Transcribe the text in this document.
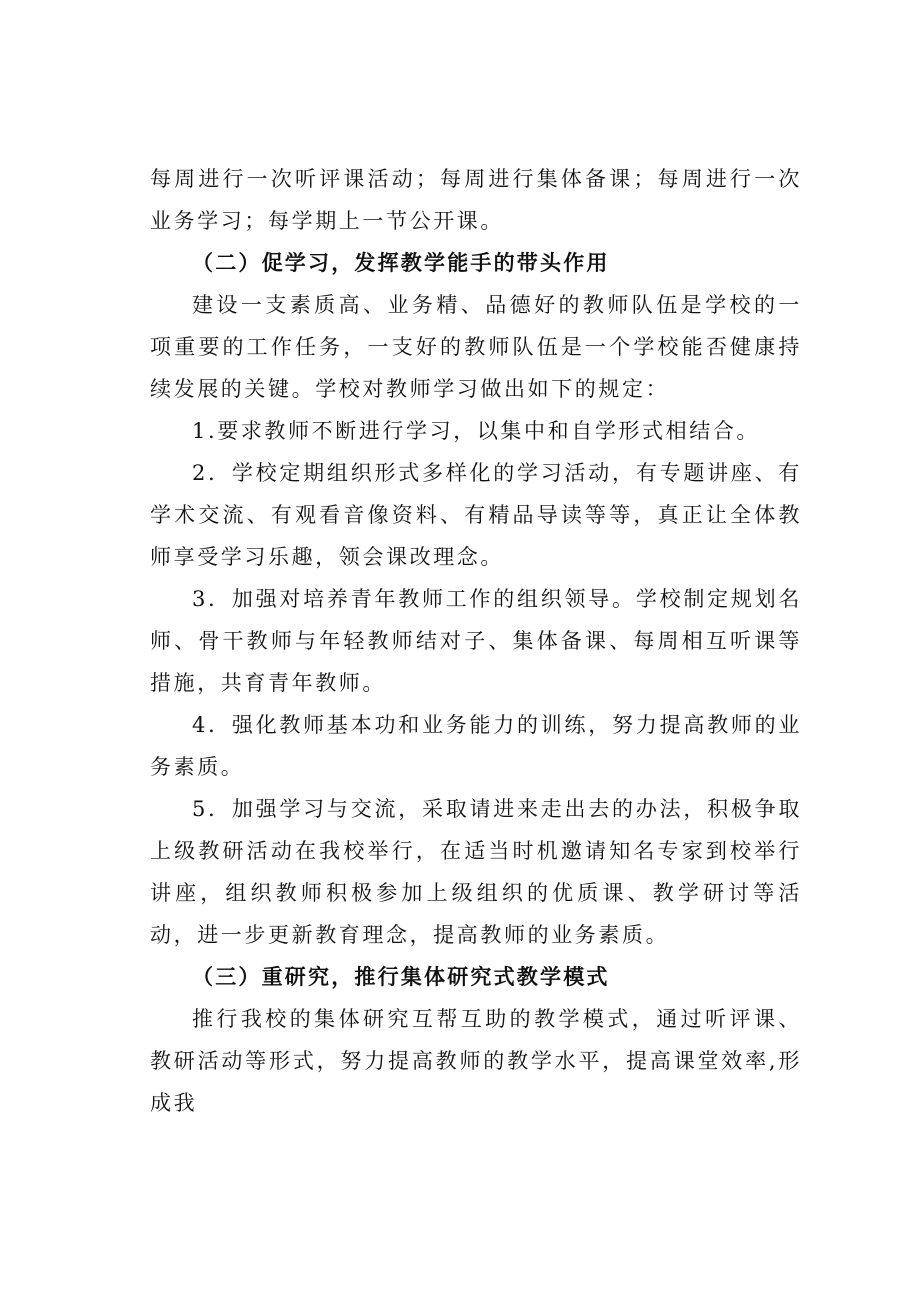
每周进行一次听评课活动；每周进行集体备课；每周进行一次业务学习；每学期上一节公开课。

（二）促学习，发挥教学能手的带头作用

建设一支素质高、业务精、品德好的教师队伍是学校的一项重要的工作任务，一支好的教师队伍是一个学校能否健康持续发展的关键。学校对教师学习做出如下的规定：

1.要求教师不断进行学习，以集中和自学形式相结合。

2．学校定期组织形式多样化的学习活动，有专题讲座、有学术交流、有观看音像资料、有精品导读等等，真正让全体教师享受学习乐趣，领会课改理念。

3．加强对培养青年教师工作的组织领导。学校制定规划名师、骨干教师与年轻教师结对子、集体备课、每周相互听课等措施，共育青年教师。

4．强化教师基本功和业务能力的训练，努力提高教师的业务素质。

5．加强学习与交流，采取请进来走出去的办法，积极争取上级教研活动在我校举行，在适当时机邀请知名专家到校举行讲座，组织教师积极参加上级组织的优质课、教学研讨等活动，进一步更新教育理念，提高教师的业务素质。

（三）重研究，推行集体研究式教学模式

推行我校的集体研究互帮互助的教学模式，通过听评课、教研活动等形式，努力提高教师的教学水平，提高课堂效率,形成我
